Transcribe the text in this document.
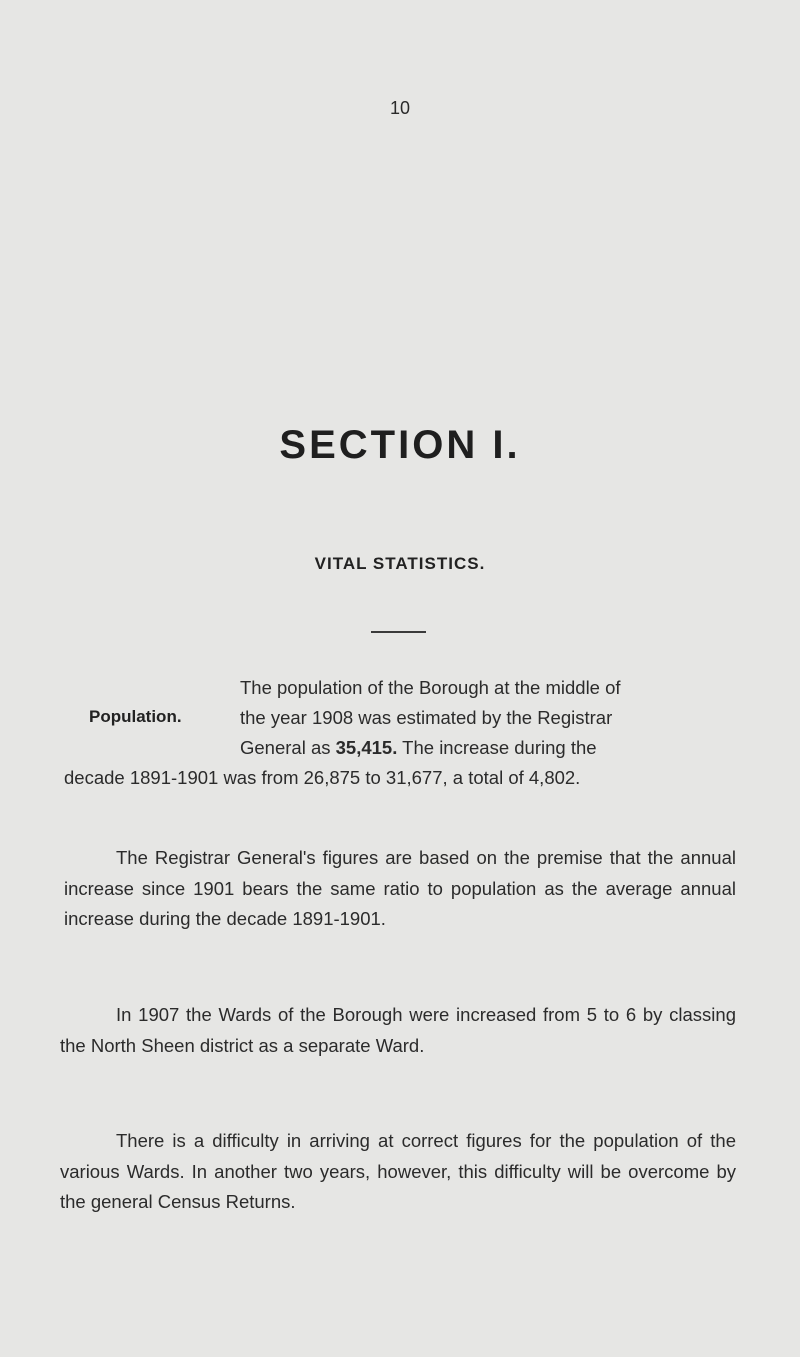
10
SECTION I.
VITAL STATISTICS.
Population.
The population of the Borough at the middle of
the year 1908 was estimated by the Registrar
General as 35,415. The increase during the
decade 1891-1901 was from 26,875 to 31,677, a total of 4,802.
The Registrar General's figures are based on the premise that the annual increase since 1901 bears the same ratio to population as the average annual increase during the decade 1891-1901.
In 1907 the Wards of the Borough were increased from 5 to 6 by classing the North Sheen district as a separate Ward.
There is a difficulty in arriving at correct figures for the population of the various Wards. In another two years, however, this difficulty will be overcome by the general Census Returns.
